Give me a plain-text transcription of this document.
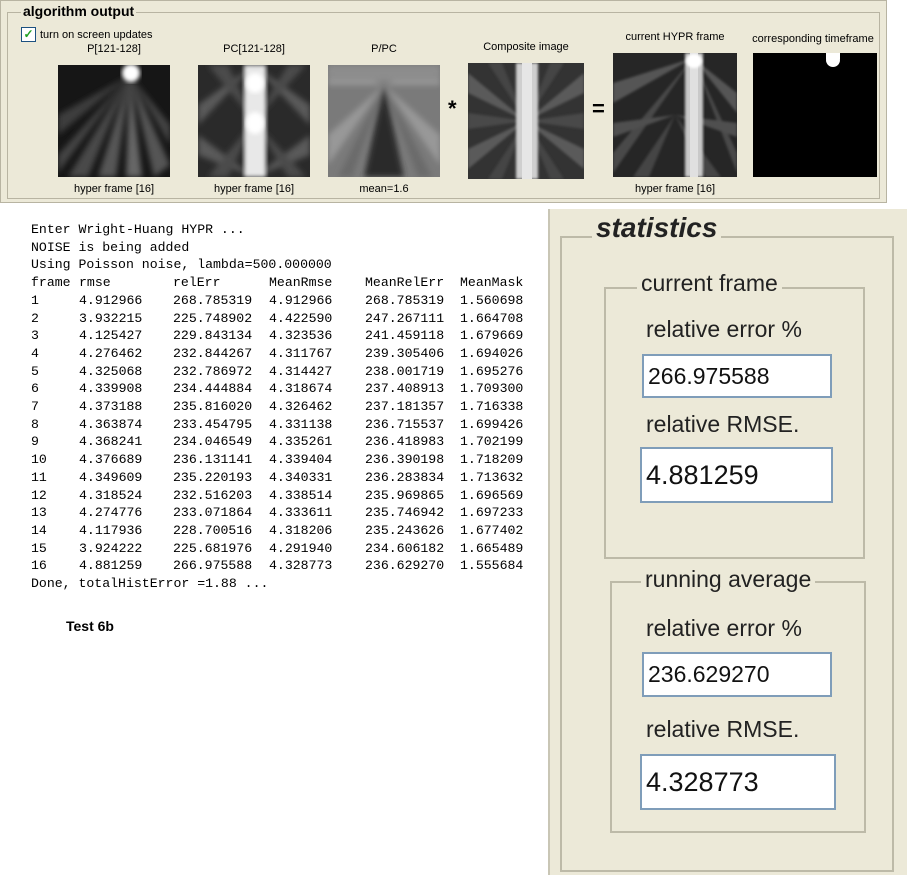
algorithm output
✓ turn on screen updates
P[121-128]
hyper frame [16]
PC[121-128]
hyper frame [16]
P/PC
mean=1.6
*
Composite image
=
current HYPR frame
hyper frame [16]
corresponding timeframe
Enter Wright-Huang HYPR ...
NOISE is being added
Using Poisson noise, lambda=500.000000
frame	rmse	relErr	MeanRmse	MeanRelErr	MeanMask
1	4.912966	268.785319	4.912966	268.785319	1.560698
2	3.932215	225.748902	4.422590	247.267111	1.664708
3	4.125427	229.843134	4.323536	241.459118	1.679669
4	4.276462	232.844267	4.311767	239.305406	1.694026
5	4.325068	232.786972	4.314427	238.001719	1.695276
6	4.339908	234.444884	4.318674	237.408913	1.709300
7	4.373188	235.816020	4.326462	237.181357	1.716338
8	4.363874	233.454795	4.331138	236.715537	1.699426
9	4.368241	234.046549	4.335261	236.418983	1.702199
10	4.376689	236.131141	4.339404	236.390198	1.718209
11	4.349609	235.220193	4.340331	236.283834	1.713632
12	4.318524	232.516203	4.338514	235.969865	1.696569
13	4.274776	233.071864	4.333611	235.746942	1.697233
14	4.117936	228.700516	4.318206	235.243626	1.677402
15	3.924222	225.681976	4.291940	234.606182	1.665489
16	4.881259	266.975588	4.328773	236.629270	1.555684
Done, totalHistError =1.88 ...
Test 6b
statistics
current frame
relative error %
266.975588
relative RMSE.
4.881259
running average
relative error %
236.629270
relative RMSE.
4.328773
